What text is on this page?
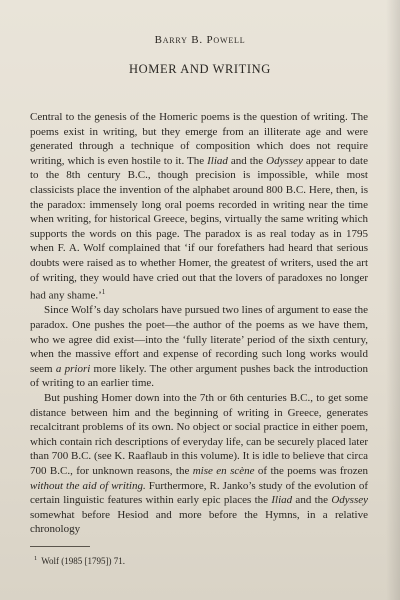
Barry B. Powell
HOMER AND WRITING

Central to the genesis of the Homeric poems is the question of writing. The poems exist in writing, but they emerge from an illiterate age and were generated through a technique of composition which does not require writing, which is even hostile to it. The Iliad and the Odyssey appear to date to the 8th century B.C., though precision is impossible, while most classicists place the invention of the alphabet around 800 B.C. Here, then, is the paradox: immensely long oral poems recorded in writing near the time when writing, for historical Greece, begins, virtually the same writing which supports the words on this page. The paradox is as real today as in 1795 when F. A. Wolf complained that ‘if our forefathers had heard that serious doubts were raised as to whether Homer, the greatest of writers, used the art of writing, they would have cried out that the lovers of paradoxes no longer had any shame.’$^1$

Since Wolf’s day scholars have pursued two lines of argument to ease the paradox. One pushes the poet—the author of the poems as we have them, who we agree did exist—into the ‘fully literate’ period of the sixth century, when the massive effort and expense of recording such long works would seem a priori more likely. The other argument pushes back the introduction of writing to an earlier time.

But pushing Homer down into the 7th or 6th centuries B.C., to get some distance between him and the beginning of writing in Greece, generates recalcitrant problems of its own. No object or social practice in either poem, which contain rich descriptions of everyday life, can be securely placed later than 700 B.C. (see K. Raaflaub in this volume). It is idle to believe that circa 700 B.C., for unknown reasons, the mise en scène of the poems was frozen without the aid of writing. Furthermore, R. Janko’s study of the evolution of certain linguistic features within early epic places the Iliad and the Odyssey somewhat before Hesiod and more before the Hymns, in a relative chronology

$^1$ Wolf (1985 [1795]) 71.
